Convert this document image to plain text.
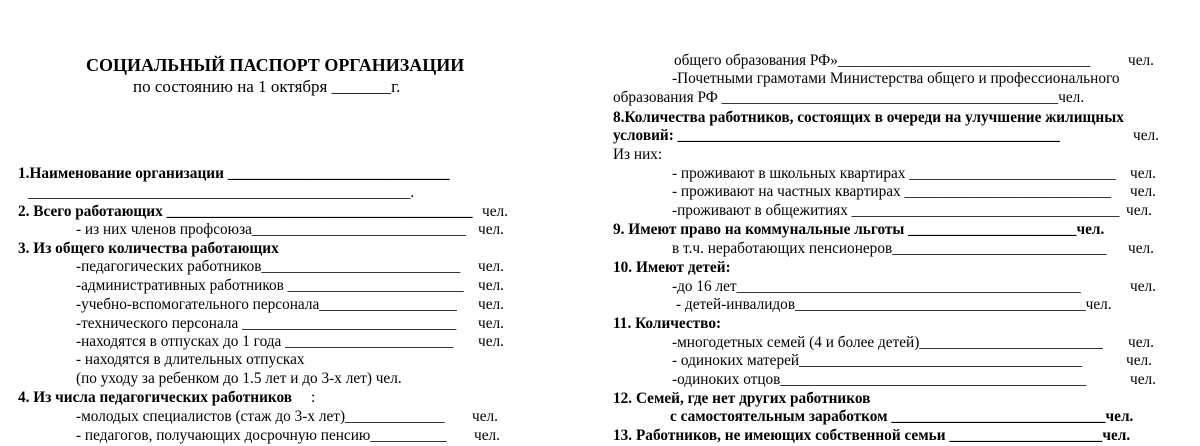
СОЦИАЛЬНЫЙ ПАСПОРТ ОРГАНИЗАЦИИ
по состоянию на 1 октября _______г.
1.Наименование организации _____________________________
__________________________________________________.
2. Всего работающих ________________________________________ чел.
- из них членов профсоюза____________________________ чел.
3. Из общего количества работающих
-педагогических работников__________________________ чел.
-административных работников _______________________ чел.
-учебно-вспомогательного персонала__________________ чел.
-технического персонала ____________________________ чел.
-находятся в отпусках до 1 года ______________________ чел.
- находятся в длительных отпусках
(по уходу за ребенком до 1.5 лет и до 3-х лет) чел.
4. Из числа педагогических работников :
-молодых специалистов (стаж до 3-х лет)_____________ чел.
- педагогов, получающих досрочную пенсию__________ чел.
общего образования РФ»_________________________________ чел.
-Почетными грамотами Министерства общего и профессионального
образования РФ ____________________________________________чел.
8.Количества работников, состоящих в очереди на улучшение жилищных
условий: __________________________________________________	чел.
Из них:
- проживают в школьных квартирах ___________________________ чел.
- проживают на частных квартирах ___________________________ чел.
-проживают в общежитиях ___________________________________ чел.
9. Имеют право на коммунальные льготы ______________________чел.
в т.ч. неработающих пенсионеров____________________________ чел.
10. Имеют детей:
-до 16 лет_____________________________________________	чел.
- детей-инвалидов______________________________________чел.
11. Количество:
-многодетных семей (4 и более детей)________________________ чел.
- одиноких матерей_____________________________________	чел.
-одиноких отцов________________________________________	чел.
12. Семей, где нет других работников
с самостоятельным заработком ____________________________чел.
13. Работников, не имеющих собственной семьи ____________________чел.
